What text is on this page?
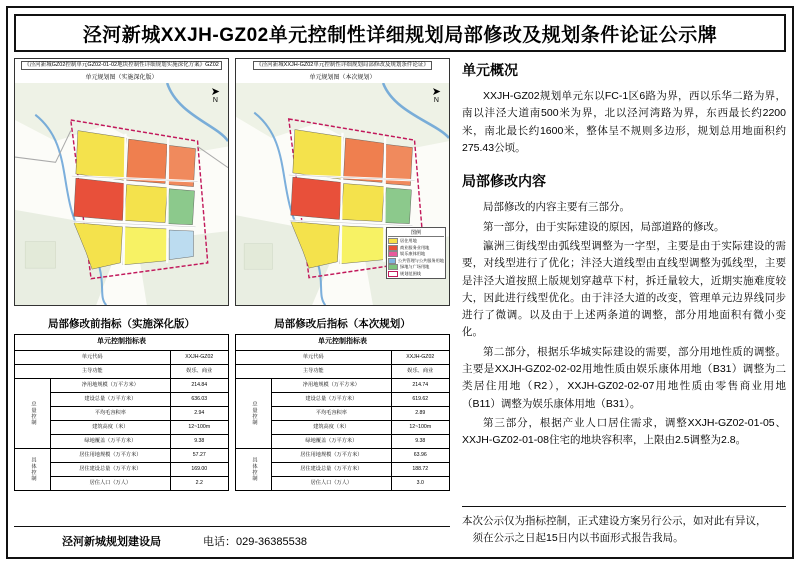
泾河新城XXJH-GZ02单元控制性详细规划局部修改及规划条件论证公示牌
《泾河新城GZ02控制单元GZ02-01-02地块控制性详细规划实施深化方案》GZ02
单元规划图（实施深化版）
➤
N
《泾河新城XXJH-GZ02单元控制性详细规划局部修改及规划条件论证》
单元规划图（本次规划）
➤
N
图例
居住用地
商业服务业用地
娱乐康体用地
公共管理与公共服务用地
绿地与广场用地
规划范围线
局部修改前指标（实施深化版）
单元控制指标表		
单元代码		XXJH-GZ02
主导功能		娱乐、商业
总量控制	净用地规模（万平方米）	214.84
	建设总量（万平方米）	636.03
	平均毛容积率	2.94
	建筑高度（米）	12~100m
	绿地覆盖（万平方米）	9.38
具体控制	居住用地规模（万平方米）	57.27
	居住建设总量（万平方米）	169.00
	居住人口（万人）	2.2
局部修改后指标（本次规划）
单元控制指标表		
单元代码		XXJH-GZ02
主导功能		娱乐、商业
总量控制	净用地规模（万平方米）	214.74
	建设总量（万平方米）	619.62
	平均毛容积率	2.89
	建筑高度（米）	12~100m
	绿地覆盖（万平方米）	9.38
具体控制	居住用地规模（万平方米）	63.96
	居住建设总量（万平方米）	188.72
	居住人口（万人）	3.0
泾河新城规划建设局	电话：029-36385538
单元概况

XXJH-GZ02规划单元东以FC-1区6路为界，西以乐华二路为界，南以沣泾大道南500米为界，北以泾河湾路为界，东西最长约2200米，南北最长约1600米，整体呈不规则多边形，规划总用地面积约275.43公顷。

局部修改内容

局部修改的内容主要有三部分。

第一部分，由于实际建设的原因，局部道路的修改。

瀛洲三街线型由弧线型调整为一字型，主要是由于实际建设的需要，对线型进行了优化；沣泾大道线型由直线型调整为弧线型，主要是沣泾大道按照上版规划穿越草下村，拆迁量较大，近期实施难度较大，因此进行线型优化。由于沣泾大道的改变，管理单元边界线同步进行了微调。以及由于上述两条道的调整，部分用地面积有微小变化。

第二部分，根据乐华城实际建设的需要，部分用地性质的调整。主要是XXJH-GZ02-02-02用地性质由娱乐康体用地（B31）调整为二类居住用地（R2），XXJH-GZ02-02-07用地性质由零售商业用地（B11）调整为娱乐康体用地（B31）。

第三部分，根据产业人口居住需求，调整XXJH-GZ02-01-05、XXJH-GZ02-01-08住宅的地块容积率，上限由2.5调整为2.8。

本次公示仅为指标控制，正式建设方案另行公示，如对此有异议，

须在公示之日起15日内以书面形式报告我局。
